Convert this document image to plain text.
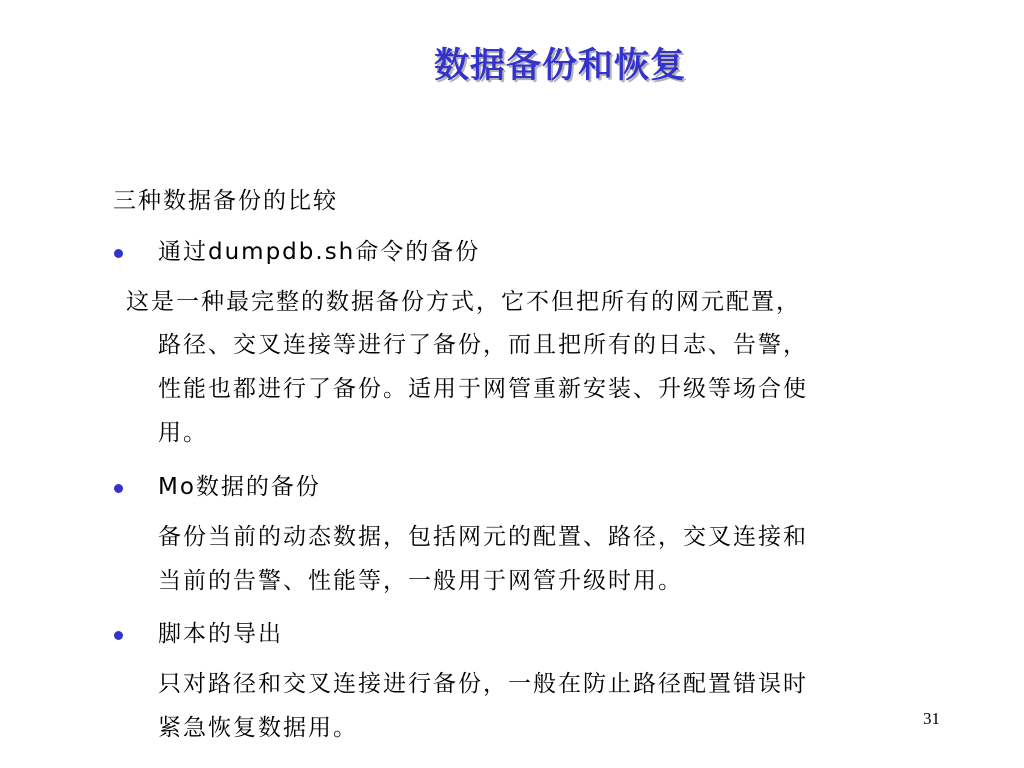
数据备份和恢复
三种数据备份的比较
通过dumpdb.sh命令的备份
这是一种最完整的数据备份方式，它不但把所有的网元配置，
路径、交叉连接等进行了备份，而且把所有的日志、告警，
性能也都进行了备份。适用于网管重新安装、升级等场合使
用。
Mo数据的备份
备份当前的动态数据，包括网元的配置、路径，交叉连接和
当前的告警、性能等，一般用于网管升级时用。
脚本的导出
只对路径和交叉连接进行备份，一般在防止路径配置错误时
紧急恢复数据用。	31
